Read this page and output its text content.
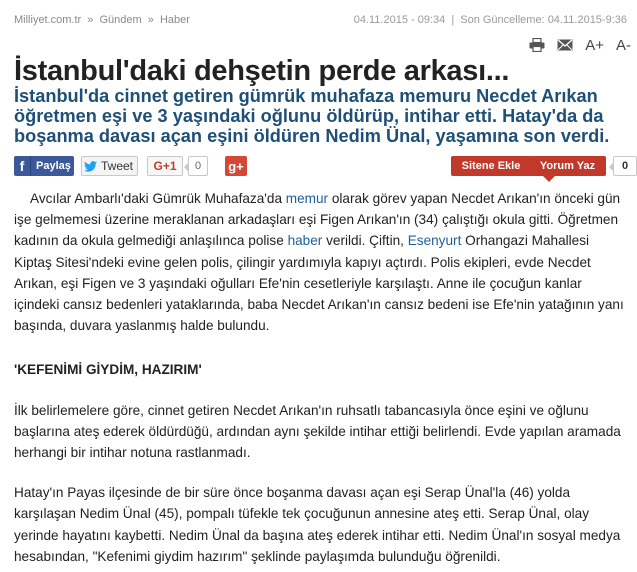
Milliyet.com.tr » Gündem » Haber	04.11.2015 - 09:34 | Son Güncelleme: 04.11.2015-9:36
A+ A-
İstanbul'daki dehşetin perde arkası...
İstanbul'da cinnet getiren gümrük muhafaza memuru Necdet Arıkan öğretmen eşi ve 3 yaşındaki oğlunu öldürüp, intihar etti. Hatay'da da boşanma davası açan eşini öldüren Nedim Ünal, yaşamına son verdi.
f	Paylaş	Tweet	G+1	0	g+	Sitene Ekle	Yorum Yaz	0

Avcılar Ambarlı'daki Gümrük Muhafaza'da memur olarak görev yapan Necdet Arıkan'ın önceki gün işe gelmemesi üzerine meraklanan arkadaşları eşi Figen Arıkan'ın (34) çalıştığı okula gitti. Öğretmen kadının da okula gelmediği anlaşılınca polise haber verildi. Çiftin, Esenyurt Orhangazi Mahallesi Kiptaş Sitesi'ndeki evine gelen polis, çilingir yardımıyla kapıyı açtırdı. Polis ekipleri, evde Necdet Arıkan, eşi Figen ve 3 yaşındaki oğulları Efe'nin cesetleriyle karşılaştı. Anne ile çocuğun kanlar içindeki cansız bedenleri yataklarında, baba Necdet Arıkan'ın cansız bedeni ise Efe'nin yatağının yanı başında, duvara yaslanmış halde bulundu.

'KEFENİMİ GİYDİM, HAZIRIM'

İlk belirlemelere göre, cinnet getiren Necdet Arıkan'ın ruhsatlı tabancasıyla önce eşini ve oğlunu başlarına ateş ederek öldürdüğü, ardından aynı şekilde intihar ettiği belirlendi. Evde yapılan aramada herhangi bir intihar notuna rastlanmadı.

Hatay'ın Payas ilçesinde de bir süre önce boşanma davası açan eşi Serap Ünal'la (46) yolda karşılaşan Nedim Ünal (45), pompalı tüfekle tek çocuğunun annesine ateş etti. Serap Ünal, olay yerinde hayatını kaybetti. Nedim Ünal da başına ateş ederek intihar etti. Nedim Ünal'ın sosyal medya hesabından, "Kefenimi giydim hazırım" şeklinde paylaşımda bulunduğu öğrenildi.
